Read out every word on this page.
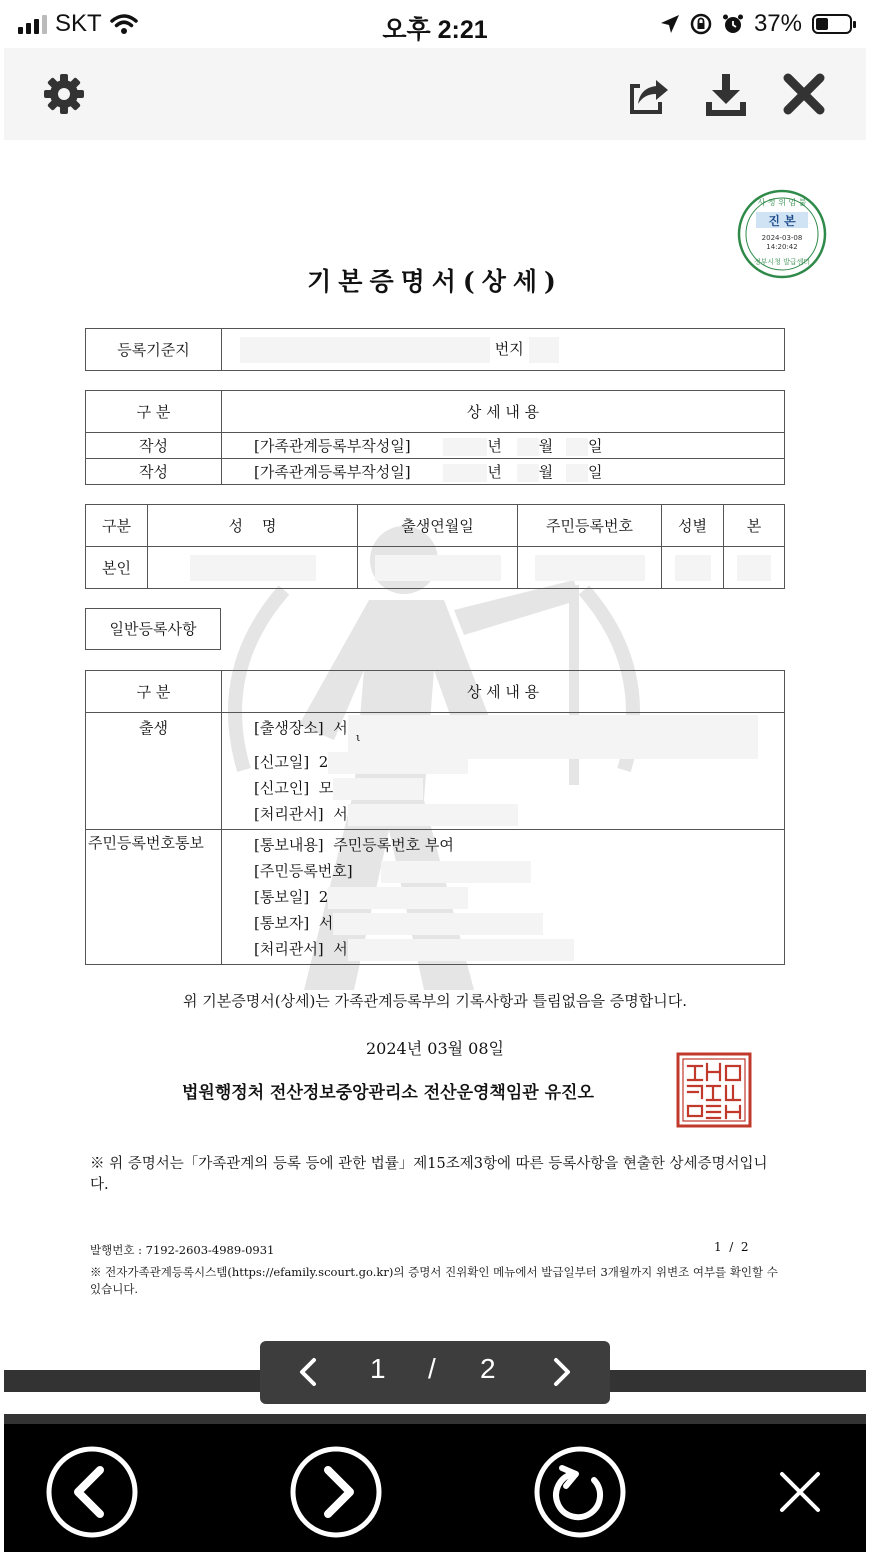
SKT	오후 2:21	37%
사 정 위 임 불
진 본
2024-03-08
14:20:42
정부시청 발급센터
기본증명서(상세)
등록기준지	번지
구 분	상 세 내 용
작성	[가족관계등록부작성일] 년 월 일
작성	[가족관계등록부작성일] 년 월 일
구분	성    명	출생연월일	주민등록번호	성별	본
본인					
일반등록사항
구 분	상 세 내 용
출생	[출생장소] 서
ι
[신고일] 2
[신고인] 모
[처리관서] 서

주민등록번호통보	[통보내용] 주민등록번호 부여
[주민등록번호]
[통보일] 2
[통보자] 서
[처리관서] 서
위 기본증명서(상세)는 가족관계등록부의 기록사항과 틀림없음을 증명합니다.
2024년 03월 08일
법원행정처 전산정보중앙관리소 전산운영책임관 유진오
※ 위 증명서는「가족관계의 등록 등에 관한 법률」제15조제3항에 따른 등록사항을 현출한 상세증명서입니다.
발행번호 : 7192-2603-4989-0931	1  /  2
※ 전자가족관계등록시스템(https://efamily.scourt.go.kr)의 증명서 진위확인 메뉴에서 발급일부터 3개월까지 위변조 여부를 확인할 수 있습니다.
1 / 2
